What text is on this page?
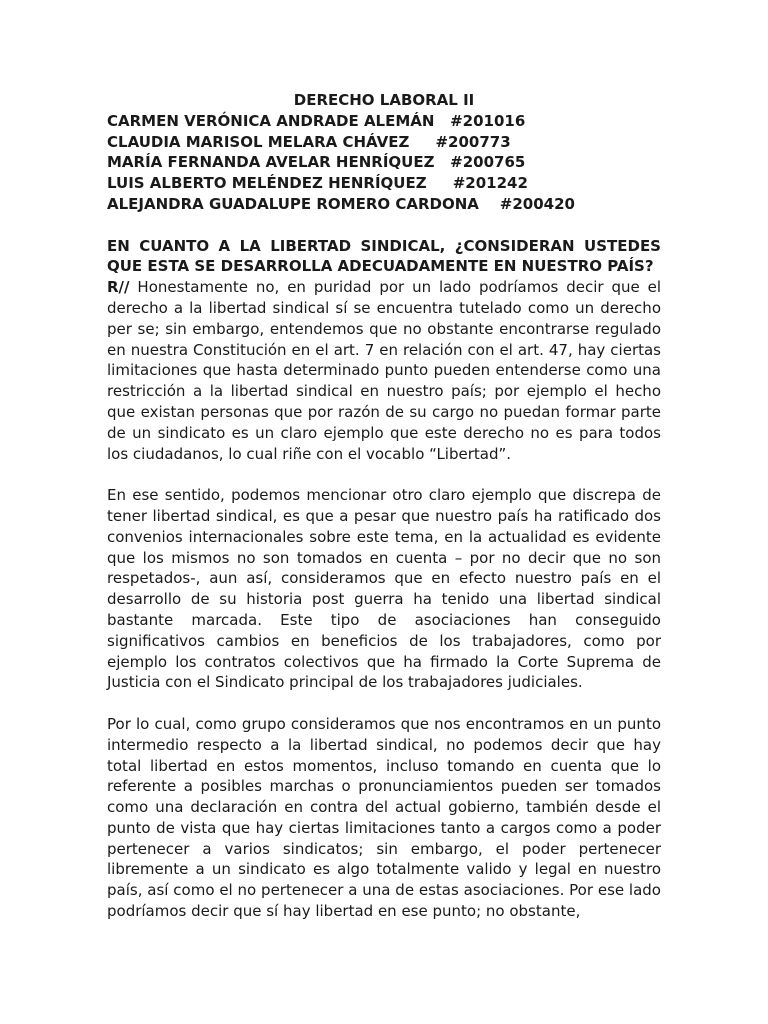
DERECHO LABORAL II
CARMEN VERÓNICA ANDRADE ALEMÁN   #201016
CLAUDIA MARISOL MELARA CHÁVEZ     #200773
MARÍA FERNANDA AVELAR HENRÍQUEZ   #200765
LUIS ALBERTO MELÉNDEZ HENRÍQUEZ     #201242
ALEJANDRA GUADALUPE ROMERO CARDONA    #200420
EN CUANTO A LA LIBERTAD SINDICAL, ¿CONSIDERAN USTEDES QUE ESTA SE DESARROLLA ADECUADAMENTE EN NUESTRO PAÍS?

R// Honestamente no, en puridad por un lado podríamos decir que el derecho a la libertad sindical sí se encuentra tutelado como un derecho per se; sin embargo, entendemos que no obstante encontrarse regulado en nuestra Constitución en el art. 7 en relación con el art. 47, hay ciertas limitaciones que hasta determinado punto pueden entenderse como una restricción a la libertad sindical en nuestro país; por ejemplo el hecho que existan personas que por razón de su cargo no puedan formar parte de un sindicato es un claro ejemplo que este derecho no es para todos los ciudadanos, lo cual riñe con el vocablo “Libertad”.

En ese sentido, podemos mencionar otro claro ejemplo que discrepa de tener libertad sindical, es que a pesar que nuestro país ha ratificado dos convenios internacionales sobre este tema, en la actualidad es evidente que los mismos no son tomados en cuenta – por no decir que no son respetados-, aun así, consideramos que en efecto nuestro país en el desarrollo de su historia post guerra ha tenido una libertad sindical bastante marcada. Este tipo de asociaciones han conseguido significativos cambios en beneficios de los trabajadores, como por ejemplo los contratos colectivos que ha firmado la Corte Suprema de Justicia con el Sindicato principal de los trabajadores judiciales.

Por lo cual, como grupo consideramos que nos encontramos en un punto intermedio respecto a la libertad sindical, no podemos decir que hay total libertad en estos momentos, incluso tomando en cuenta que lo referente a posibles marchas o pronunciamientos pueden ser tomados como una declaración en contra del actual gobierno, también desde el punto de vista que hay ciertas limitaciones tanto a cargos como a poder pertenecer a varios sindicatos; sin embargo, el poder pertenecer libremente a un sindicato es algo totalmente valido y legal en nuestro país, así como el no pertenecer a una de estas asociaciones. Por ese lado podríamos decir que sí hay libertad en ese punto; no obstante,
